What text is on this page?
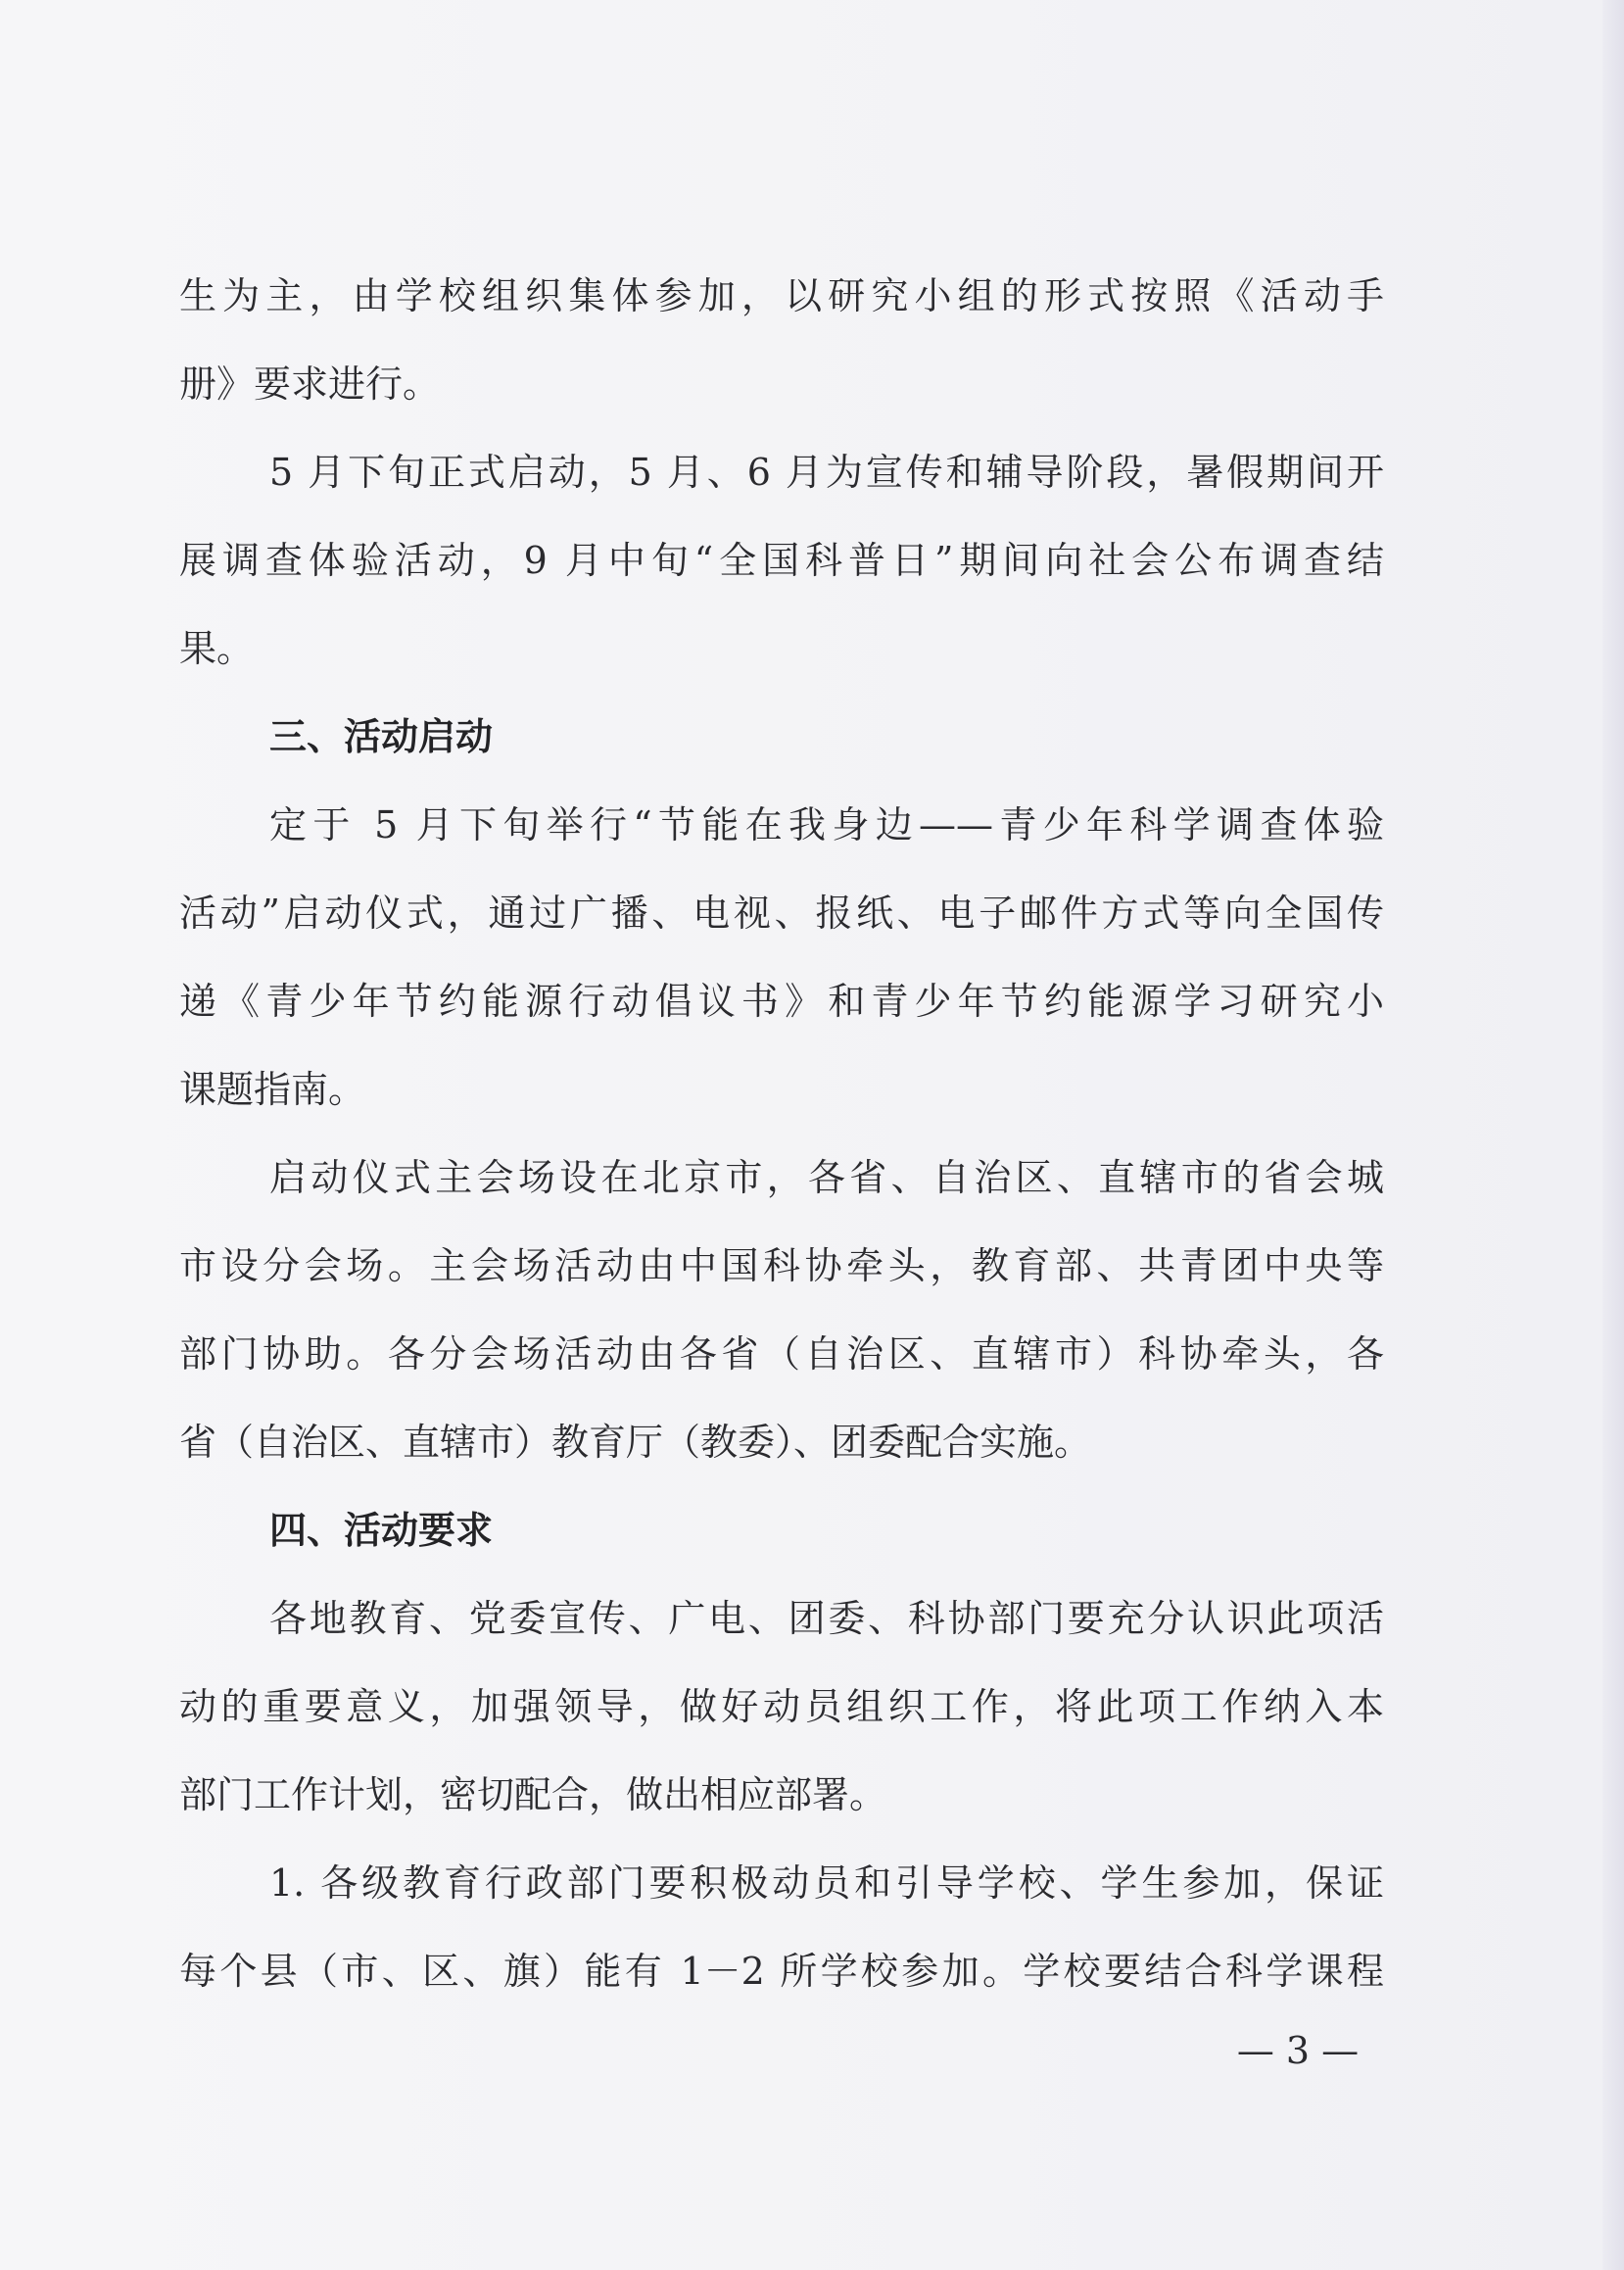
生为主，由学校组织集体参加，以研究小组的形式按照《活动手
册》要求进行。
5 月下旬正式启动，5 月、6 月为宣传和辅导阶段，暑假期间开
展调查体验活动，9 月中旬“全国科普日”期间向社会公布调查结
果。
三、活动启动
定于 5 月下旬举行“节能在我身边——青少年科学调查体验
活动”启动仪式，通过广播、电视、报纸、电子邮件方式等向全国传
递《青少年节约能源行动倡议书》和青少年节约能源学习研究小
课题指南。
启动仪式主会场设在北京市，各省、自治区、直辖市的省会城
市设分会场。主会场活动由中国科协牵头，教育部、共青团中央等
部门协助。各分会场活动由各省（自治区、直辖市）科协牵头，各
省（自治区、直辖市）教育厅（教委）、团委配合实施。
四、活动要求
各地教育、党委宣传、广电、团委、科协部门要充分认识此项活
动的重要意义，加强领导，做好动员组织工作，将此项工作纳入本
部门工作计划，密切配合，做出相应部署。
1. 各级教育行政部门要积极动员和引导学校、学生参加，保证
每个县（市、区、旗）能有 1－2 所学校参加。学校要结合科学课程
— 3 —
